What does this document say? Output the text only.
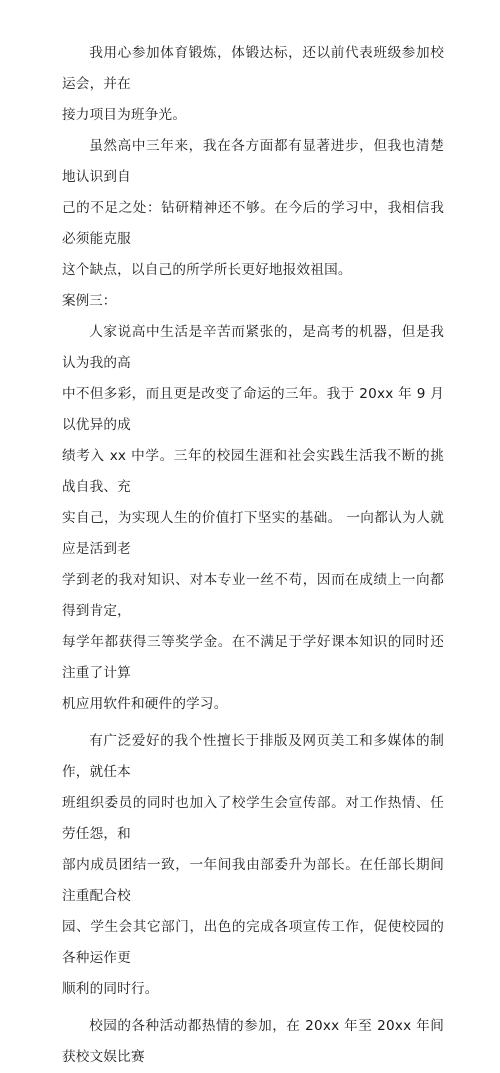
我用心参加体育锻炼，体锻达标，还以前代表班级参加校运会，并在
接力项目为班争光。
虽然高中三年来，我在各方面都有显著进步，但我也清楚地认识到自
己的不足之处：钻研精神还不够。在今后的学习中，我相信我必须能克服
这个缺点，以自己的所学所长更好地报效祖国。
案例三：
人家说高中生活是辛苦而紧张的，是高考的机器，但是我认为我的高
中不但多彩，而且更是改变了命运的三年。我于 20xx 年 9 月以优异的成
绩考入 xx 中学。三年的校园生涯和社会实践生活我不断的挑战自我、充
实自己，为实现人生的价值打下坚实的基础。 一向都认为人就应是活到老
学到老的我对知识、对本专业一丝不苟，因而在成绩上一向都得到肯定，
每学年都获得三等奖学金。在不满足于学好课本知识的同时还注重了计算
机应用软件和硬件的学习。
有广泛爱好的我个性擅长于排版及网页美工和多媒体的制作，就任本
班组织委员的同时也加入了校学生会宣传部。对工作热情、任劳任怨，和
部内成员团结一致，一年间我由部委升为部长。在任部长期间注重配合校
园、学生会其它部门，出色的完成各项宣传工作，促使校园的各种运作更
顺利的同时行。
校园的各种活动都热情的参加，在 20xx 年至 20xx 年间获校文娱比赛
